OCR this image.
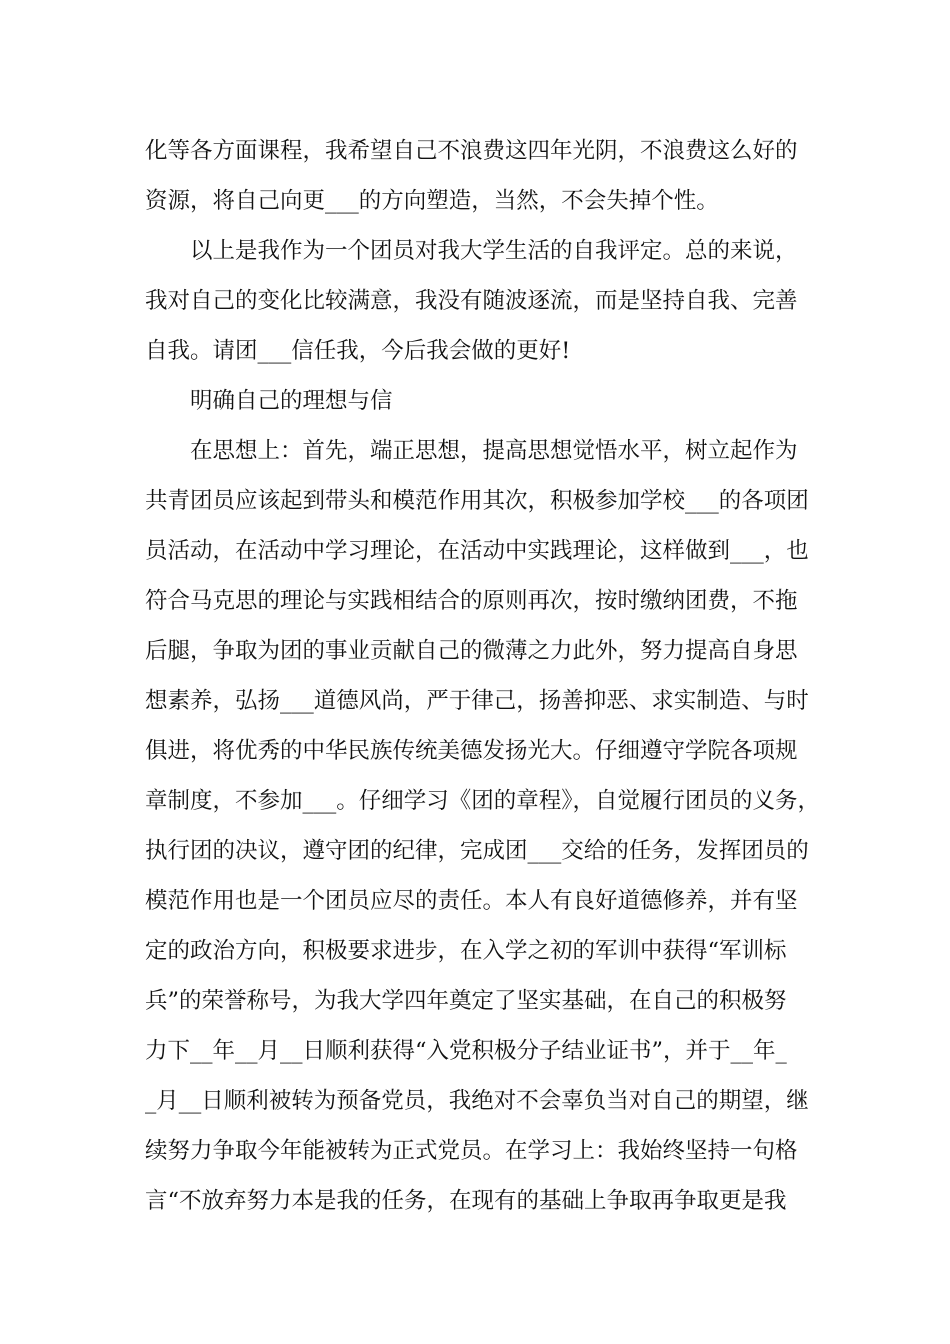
化等各方面课程，我希望自己不浪费这四年光阴，不浪费这么好的
资源，将自己向更___的方向塑造，当然，不会失掉个性。
以上是我作为一个团员对我大学生活的自我评定。总的来说，
我对自己的变化比较满意，我没有随波逐流，而是坚持自我、完善
自我。请团___信任我，今后我会做的更好!
明确自己的理想与信
在思想上：首先，端正思想，提高思想觉悟水平，树立起作为
共青团员应该起到带头和模范作用其次，积极参加学校___的各项团
员活动，在活动中学习理论，在活动中实践理论，这样做到___，也
符合马克思的理论与实践相结合的原则再次，按时缴纳团费，不拖
后腿，争取为团的事业贡献自己的微薄之力此外，努力提高自身思
想素养，弘扬___道德风尚，严于律己，扬善抑恶、求实制造、与时
俱进，将优秀的中华民族传统美德发扬光大。仔细遵守学院各项规
章制度，不参加___。仔细学习《团的章程》，自觉履行团员的义务，
执行团的决议，遵守团的纪律，完成团___交给的任务，发挥团员的
模范作用也是一个团员应尽的责任。本人有良好道德修养，并有坚
定的政治方向，积极要求进步，在入学之初的军训中获得“军训标
兵”的荣誉称号，为我大学四年奠定了坚实基础，在自己的积极努
力下__年__月__日顺利获得“入党积极分子结业证书”，并于__年_
_月__日顺利被转为预备党员，我绝对不会辜负当对自己的期望，继
续努力争取今年能被转为正式党员。在学习上：我始终坚持一句格
言“不放弃努力本是我的任务，在现有的基础上争取再争取更是我
